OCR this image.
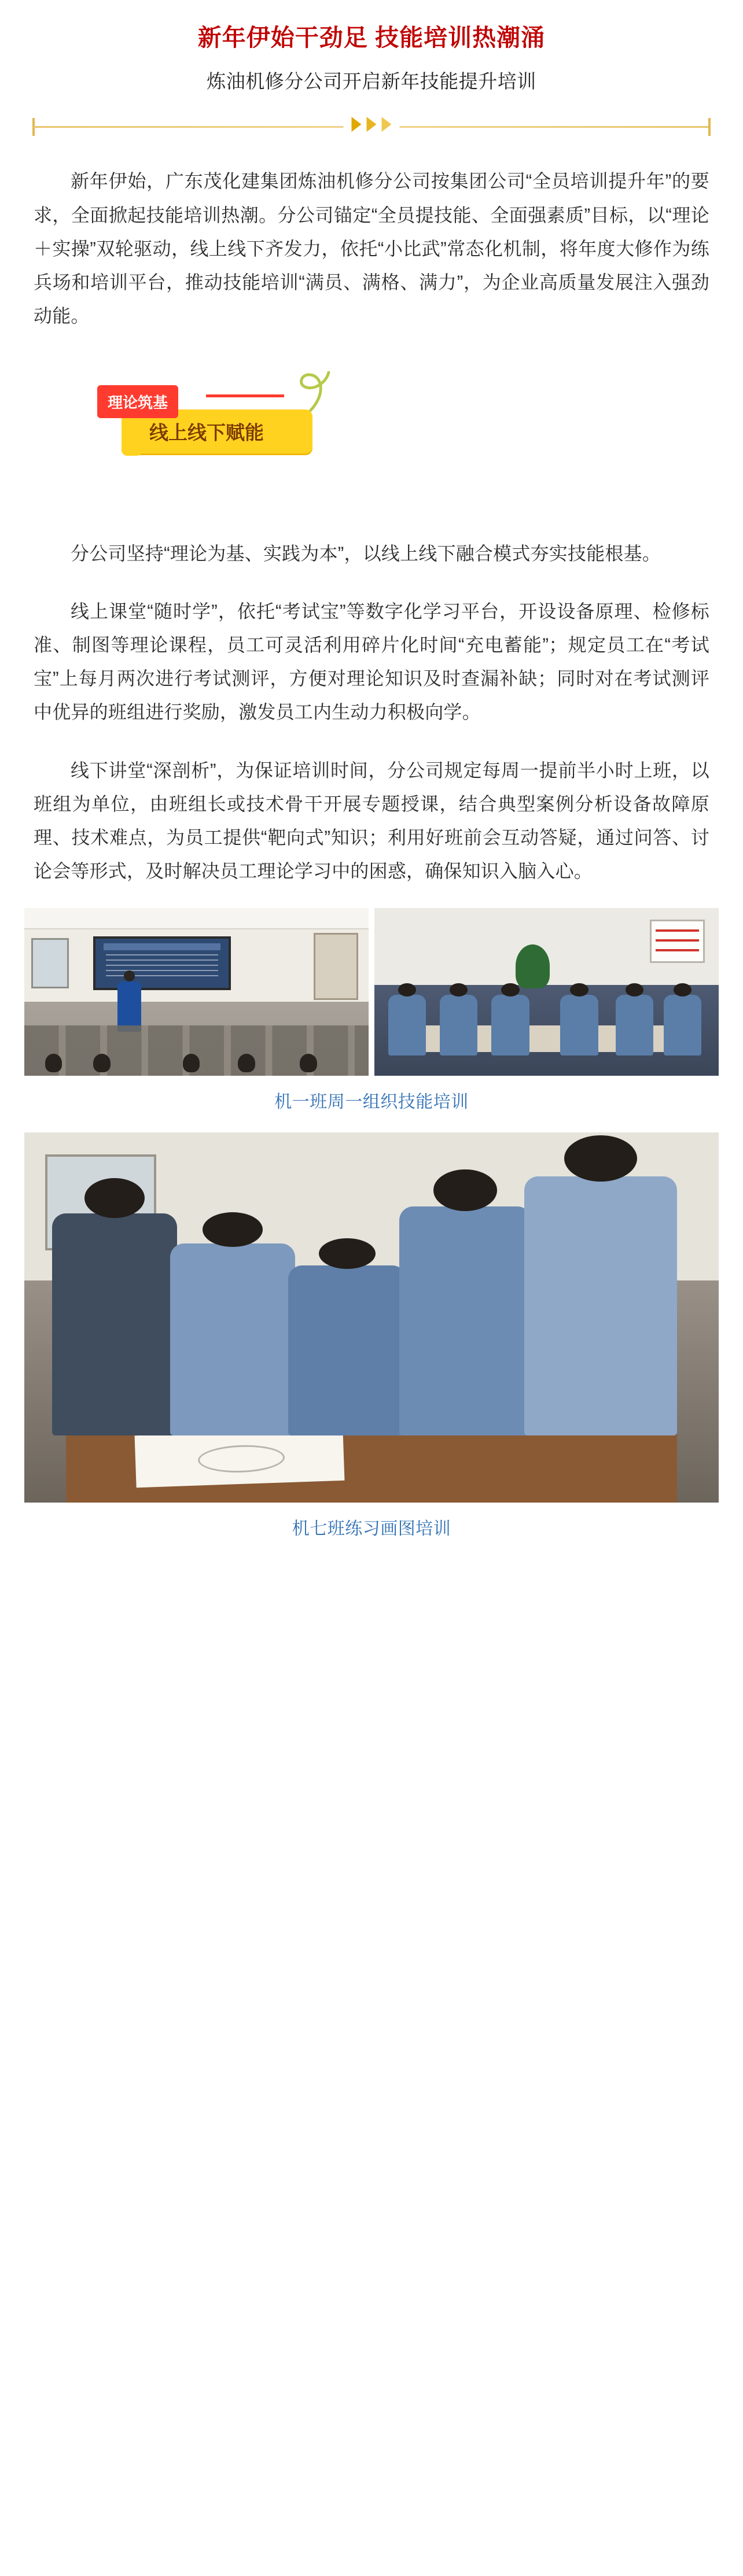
新年伊始干劲足 技能培训热潮涌
炼油机修分公司开启新年技能提升培训

新年伊始，广东茂化建集团炼油机修分公司按集团公司“全员培训提升年”的要求，全面掀起技能培训热潮。分公司锚定“全员提技能、全面强素质”目标，以“理论＋实操”双轮驱动，线上线下齐发力，依托“小比武”常态化机制，将年度大修作为练兵场和培训平台，推动技能培训“满员、满格、满力”，为企业高质量发展注入强劲动能。

线上线下赋能
理论筑基

分公司坚持“理论为基、实践为本”，以线上线下融合模式夯实技能根基。

线上课堂“随时学”，依托“考试宝”等数字化学习平台，开设设备原理、检修标准、制图等理论课程，员工可灵活利用碎片化时间“充电蓄能”；规定员工在“考试宝”上每月两次进行考试测评，方便对理论知识及时查漏补缺；同时对在考试测评中优异的班组进行奖励，激发员工内生动力积极向学。

线下讲堂“深剖析”，为保证培训时间，分公司规定每周一提前半小时上班，以班组为单位，由班组长或技术骨干开展专题授课，结合典型案例分析设备故障原理、技术难点，为员工提供“靶向式”知识；利用好班前会互动答疑，通过问答、讨论会等形式，及时解决员工理论学习中的困惑，确保知识入脑入心。

机一班周一组织技能培训
机七班练习画图培训
